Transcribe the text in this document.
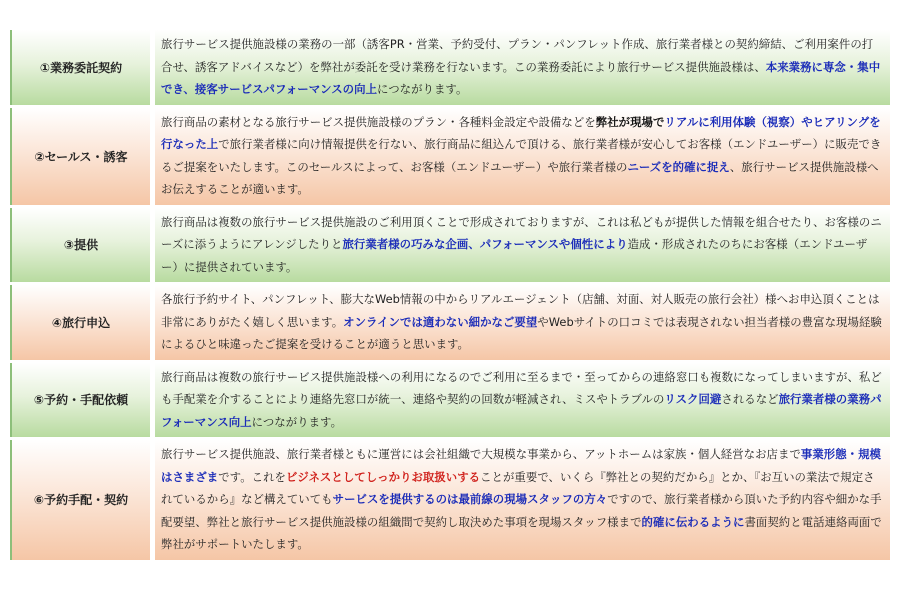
①業務委託契約
旅行サービス提供施設様の業務の一部（誘客PR・営業、予約受付、プラン・パンフレット作成、旅行業者様との契約締結、ご利用案件の打合せ、誘客アドバイスなど）を弊社が委託を受け業務を行ないます。この業務委託により旅行サービス提供施設様は、本来業務に専念・集中でき、接客サービスパフォーマンスの向上につながります。
②セールス・誘客
旅行商品の素材となる旅行サービス提供施設様のプラン・各種料金設定や設備などを弊社が現場でリアルに利用体験（視察）やヒアリングを行なった上で旅行業者様に向け情報提供を行ない、旅行商品に組込んで頂ける、旅行業者様が安心してお客様（エンドユーザー）に販売できるご提案をいたします。このセールスによって、お客様（エンドユーザー）や旅行業者様のニーズを的確に捉え、旅行サービス提供施設様へお伝えすることが適います。
③提供
旅行商品は複数の旅行サービス提供施設のご利用頂くことで形成されておりますが、これは私どもが提供した情報を組合せたり、お客様のニーズに添うようにアレンジしたりと旅行業者様の巧みな企画、パフォーマンスや個性により造成・形成されたのちにお客様（エンドユーザー）に提供されています。
④旅行申込
各旅行予約サイト、パンフレット、膨大なWeb情報の中からリアルエージェント（店舗、対面、対人販売の旅行会社）様へお申込頂くことは非常にありがたく嬉しく思います。オンラインでは適わない細かなご要望やWebサイトの口コミでは表現されない担当者様の豊富な現場経験によるひと味違ったご提案を受けることが適うと思います。
⑤予約・手配依頼
旅行商品は複数の旅行サービス提供施設様への利用になるのでご利用に至るまで・至ってからの連絡窓口も複数になってしまいますが、私ども手配業を介することにより連絡先窓口が統一、連絡や契約の回数が軽減され、ミスやトラブルのリスク回避されるなど旅行業者様の業務パフォーマンス向上につながります。
⑥予約手配・契約
旅行サービス提供施設、旅行業者様ともに運営には会社組織で大規模な事業から、アットホームは家族・個人経営なお店まで事業形態・規模はさまざまです。これをビジネスとしてしっかりお取扱いすることが重要で、いくら『弊社との契約だから』とか、『お互いの業法で規定されているから』など構えていてもサービスを提供するのは最前線の現場スタッフの方々ですので、旅行業者様から頂いた予約内容や細かな手配要望、弊社と旅行サービス提供施設様の組織間で契約し取決めた事項を現場スタッフ様まで的確に伝わるように書面契約と電話連絡両面で弊社がサポートいたします。
